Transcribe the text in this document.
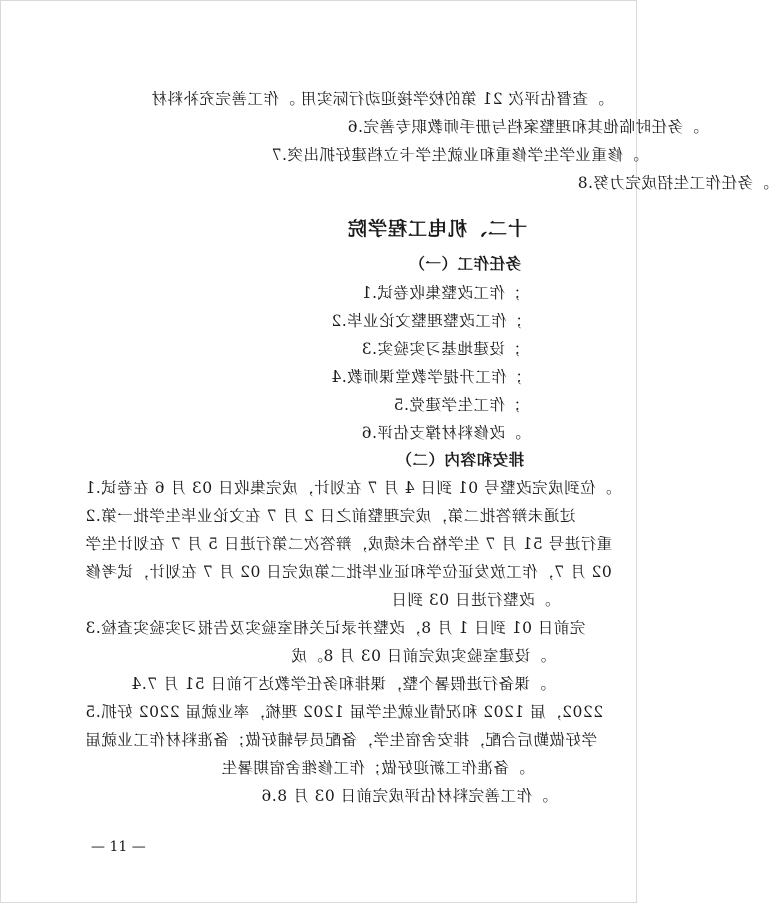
材料补充完善工作。 用实际行动迎接学校的第 12 次评估督查。
6.完善专职教师手册与档案整理和其他临时任务。
7.突出抓好建档立卡学生就业和重修学生学业重修。
8.努力完成招生工作任务。
十二、机电工程学院
（一）工作任务
1.试卷收集整改工作；
2.毕业论文整理整改工作；
3.实验实习基地建设；
4.教师课堂教学提升工作；
5.党建学生工作；
6.评估支撑材料修改。
（二）内容和安排
1.试卷在 6 月 30 日收集完成，计划在 7 月 4 日到 10 号整改完成到位。
2.第一批学生毕业论文在 7 月 2 日之前整理完成，第二批答辩未通过
学生计划在 7 月 5 日进行第二次答辩，成绩未合格学生 7 月 15 号进行重
修考试，计划在 7 月 20 日完成第二批毕业证和学位证发放工作，7 月 20
日到 30 日进行整改。
3.检查实验实习报告及实验室相关记录并整改，8 月 1 日到 10 日前完
成。8 月 30 日前完成实验室建设。
4.7 月 15 日前下达教学任务和排课，整个暑假进行备课。
5.抓好 2022 届就业率，梳理 2021 届学生就业情况和 2021 届，2022
届就业工作材料准备；做好辅导员配备，学生宿舍安排，配合后勤做好学
生暑期宿舍维修工作；做好迎新工作准备。
6.8 月 30 日前完成评估材料完善工作。
— 11 —
